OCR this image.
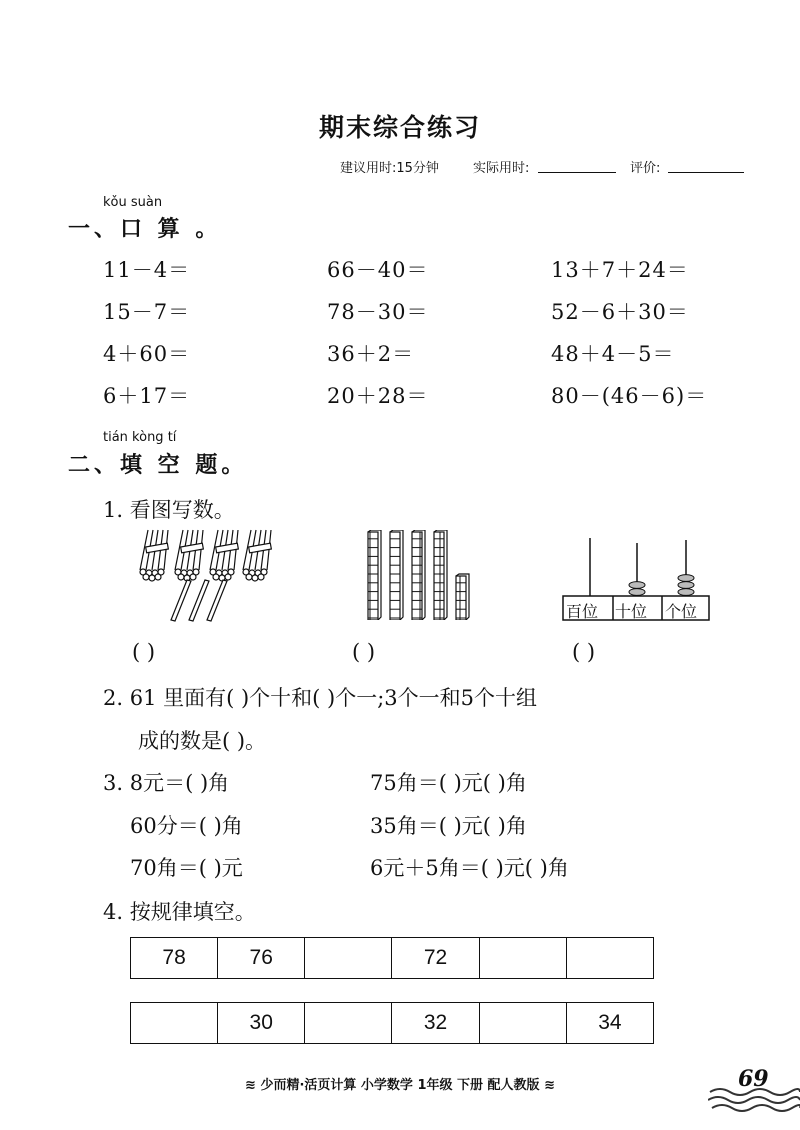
期末综合练习
建议用时:15分钟	实际用时:	评价:
kǒu suàn
一、口 算 。
11－4＝	66－40＝	13＋7＋24＝
15－7＝	78－30＝	52－6＋30＝
4＋60＝	36＋2＝	48＋4－5＝
6＋17＝	20＋28＝	80－(46－6)＝
tián kòng tí
二、填 空 题。
1. 看图写数。
百位 十位 个位
( )	( )	( )
2. 61 里面有( )个十和( )个一;3个一和5个十组
成的数是( )。
3. 8元＝( )角	75角＝( )元( )角
60分＝( )角	35角＝( )元( )角
70角＝( )元	6元＋5角＝( )元( )角
4. 按规律填空。
78	76		72		
	30		32		34
≋ 少而精·活页计算 小学数学 1年级 下册 配人教版 ≋	69
